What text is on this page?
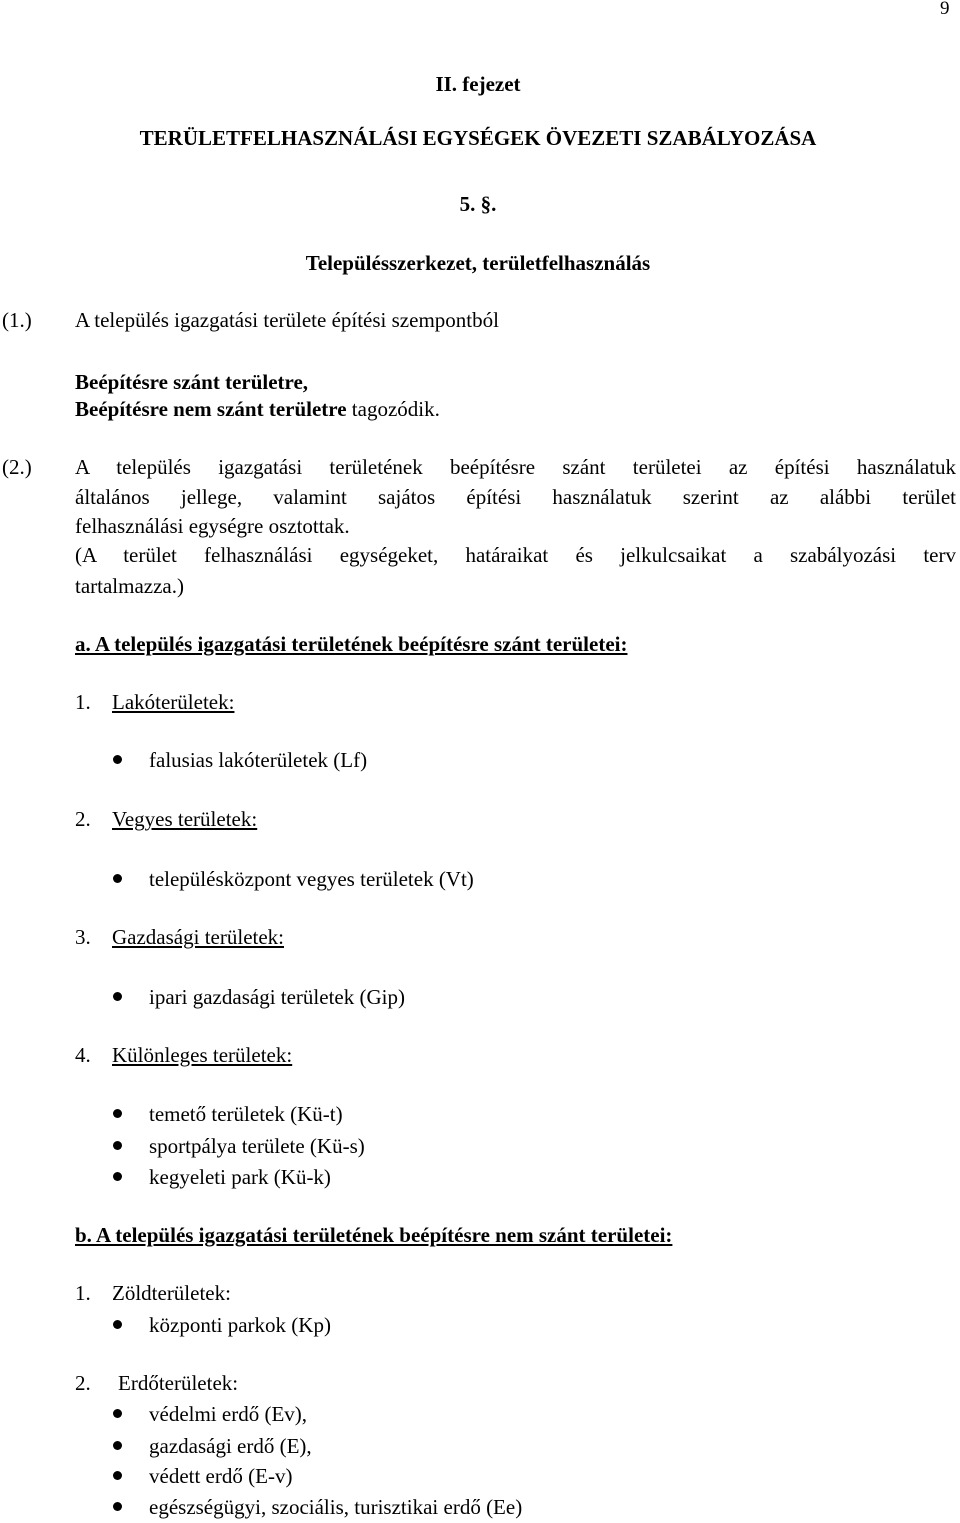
9
II. fejezet
TERÜLETFELHASZNÁLÁSI EGYSÉGEK ÖVEZETI SZABÁLYOZÁSA
5. §.
Településszerkezet, területfelhasználás
(1.) A település igazgatási területe építési szempontból
Beépítésre szánt területre,
Beépítésre nem szánt területre tagozódik.
(2.) A település igazgatási területének beépítésre szánt területei az építési használatuk
általános jellege, valamint sajátos építési használatuk szerint az alábbi terület
felhasználási egységre osztottak.
(A terület felhasználási egységeket, határaikat és jelkulcsaikat a szabályozási terv
tartalmazza.)
a. A település igazgatási területének beépítésre szánt területei:
1. Lakóterületek:
falusias lakóterületek (Lf)
2. Vegyes területek:
településközpont vegyes területek (Vt)
3. Gazdasági területek:
ipari gazdasági területek (Gip)
4. Különleges területek:
temető területek (Kü-t)
sportpálya területe (Kü-s)
kegyeleti park (Kü-k)
b. A település igazgatási területének beépítésre nem szánt területei:
1. Zöldterületek:
központi parkok (Kp)
2. Erdőterületek:
védelmi erdő (Ev),
gazdasági erdő (E),
védett erdő (E-v)
egészségügyi, szociális, turisztikai erdő (Ee)
